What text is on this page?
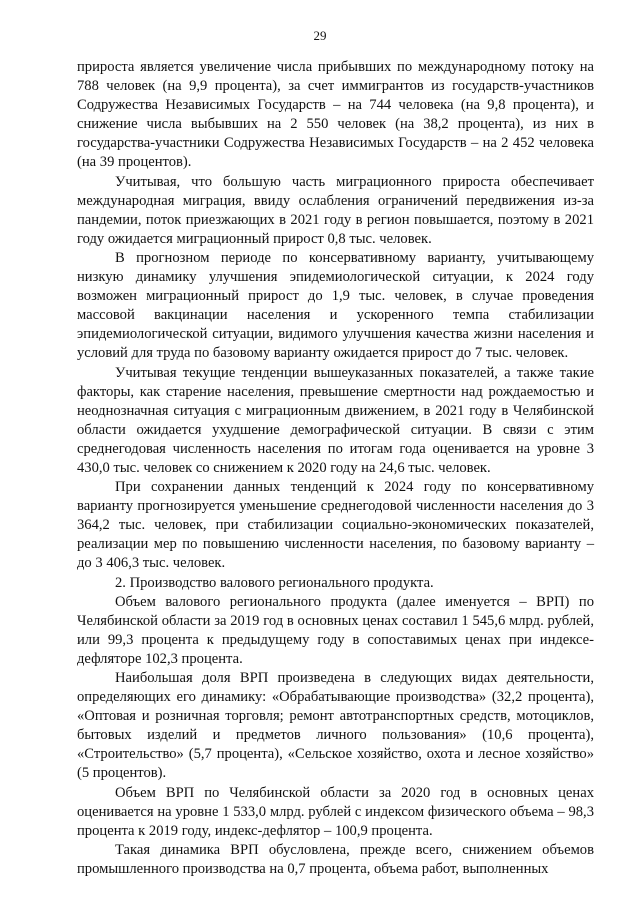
29

прироста является увеличение числа прибывших по международному потоку на 788 человек (на 9,9 процента), за счет иммигрантов из государств-участников Содружества Независимых Государств – на 744 человека (на 9,8 процента), и снижение числа выбывших на 2 550 человек (на 38,2 процента), из них в государства-участники Содружества Независимых Государств – на 2 452 человека (на 39 процентов).

Учитывая, что большую часть миграционного прироста обеспечивает международная миграция, ввиду ослабления ограничений передвижения из-за пандемии, поток приезжающих в 2021 году в регион повышается, поэтому в 2021 году ожидается миграционный прирост 0,8 тыс. человек.

В прогнозном периоде по консервативному варианту, учитывающему низкую динамику улучшения эпидемиологической ситуации, к 2024 году возможен миграционный прирост до 1,9 тыс. человек, в случае проведения массовой вакцинации населения и ускоренного темпа стабилизации эпидемиологической ситуации, видимого улучшения качества жизни населения и условий для труда по базовому варианту ожидается прирост до 7 тыс. человек.

Учитывая текущие тенденции вышеуказанных показателей, а также такие факторы, как старение населения, превышение смертности над рождаемостью и неоднозначная ситуация с миграционным движением, в 2021 году в Челябинской области ожидается ухудшение демографической ситуации. В связи с этим среднегодовая численность населения по итогам года оценивается на уровне 3 430,0 тыс. человек со снижением к 2020 году на 24,6 тыс. человек.

При сохранении данных тенденций к 2024 году по консервативному варианту прогнозируется уменьшение среднегодовой численности населения до 3 364,2 тыс. человек, при стабилизации социально-экономических показателей, реализации мер по повышению численности населения, по базовому варианту – до 3 406,3 тыс. человек.

2. Производство валового регионального продукта.

Объем валового регионального продукта (далее именуется – ВРП) по Челябинской области за 2019 год в основных ценах составил 1 545,6 млрд. рублей, или 99,3 процента к предыдущему году в сопоставимых ценах при индексе-дефляторе 102,3 процента.

Наибольшая доля ВРП произведена в следующих видах деятельности, определяющих его динамику: «Обрабатывающие производства» (32,2 процента), «Оптовая и розничная торговля; ремонт автотранспортных средств, мотоциклов, бытовых изделий и предметов личного пользования» (10,6 процента), «Строительство» (5,7 процента), «Сельское хозяйство, охота и лесное хозяйство» (5 процентов).

Объем ВРП по Челябинской области за 2020 год в основных ценах оценивается на уровне 1 533,0 млрд. рублей с индексом физического объема – 98,3 процента к 2019 году, индекс-дефлятор – 100,9 процента.

Такая динамика ВРП обусловлена, прежде всего, снижением объемов промышленного производства на 0,7 процента, объема работ, выполненных
